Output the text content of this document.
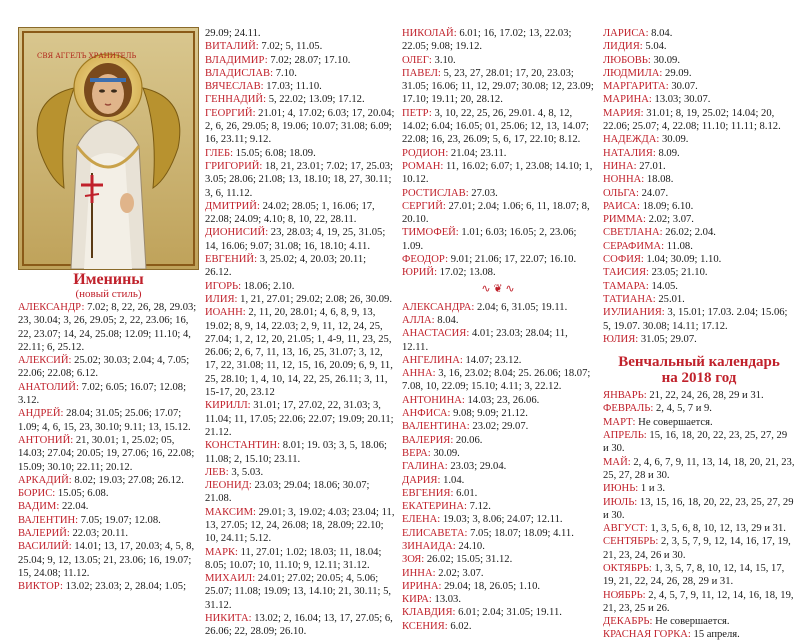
СВЯ АГГЕЛЪ ХРАНИТЕЛЬ
Именины
(новый стиль)

АЛЕКСАНДР: 7.02; 8, 22, 26, 28, 29.03; 23, 30.04; 3, 26, 29.05; 2, 22, 23.06; 16, 22, 23.07; 14, 24, 25.08; 12.09; 11.10; 4, 22.11; 6, 25.12.

АЛЕКСИЙ: 25.02; 30.03; 2.04; 4, 7.05; 22.06; 22.08; 6.12.

АНАТОЛИЙ: 7.02; 6.05; 16.07; 12.08; 3.12.

АНДРЕЙ: 28.04; 31.05; 25.06; 17.07; 1.09; 4, 6, 15, 23, 30.10; 9.11; 13, 15.12.

АНТОНИЙ: 21, 30.01; 1, 25.02; 05, 14.03; 27.04; 20.05; 19, 27.06; 16, 22.08; 15.09; 30.10; 22.11; 20.12.

АРКАДИЙ: 8.02; 19.03; 27.08; 26.12.

БОРИС: 15.05; 6.08.

ВАДИМ: 22.04.

ВАЛЕНТИН: 7.05; 19.07; 12.08.

ВАЛЕРИЙ: 22.03; 20.11.

ВАСИЛИЙ: 14.01; 13, 17, 20.03; 4, 5, 8, 25.04; 9, 12, 13.05; 21, 23.06; 16, 19.07; 15, 24.08; 11.12.

ВИКТОР: 13.02; 23.03; 2, 28.04; 1.05;

29.09; 24.11.

ВИТАЛИЙ: 7.02; 5, 11.05.

ВЛАДИМИР: 7.02; 28.07; 17.10.

ВЛАДИСЛАВ: 7.10.

ВЯЧЕСЛАВ: 17.03; 11.10.

ГЕННАДИЙ: 5, 22.02; 13.09; 17.12.

ГЕОРГИЙ: 21.01; 4, 17.02; 6.03; 17, 20.04; 2, 6, 26, 29.05; 8, 19.06; 10.07; 31.08; 6.09; 16, 23.11; 9.12.

ГЛЕБ: 15.05; 6.08; 18.09.

ГРИГОРИЙ: 18, 21, 23.01; 7.02; 17, 25.03; 3.05; 28.06; 21.08; 13, 18.10; 18, 27, 30.11; 3, 6, 11.12.

ДМИТРИЙ: 24.02; 28.05; 1, 16.06; 17, 22.08; 24.09; 4.10; 8, 10, 22, 28.11.

ДИОНИСИЙ: 23, 28.03; 4, 19, 25, 31.05; 14, 16.06; 9.07; 31.08; 16, 18.10; 4.11.

ЕВГЕНИЙ: 3, 25.02; 4, 20.03; 20.11; 26.12.

ИГОРЬ: 18.06; 2.10.

ИЛИЯ: 1, 21, 27.01; 29.02; 2.08; 26, 30.09.

ИОАНН: 2, 11, 20, 28.01; 4, 6, 8, 9, 13, 19.02; 8, 9, 14, 22.03; 2, 9, 11, 12, 24, 25, 27.04; 1, 2, 12, 20, 21.05; 1, 4-9, 11, 23, 25, 26.06; 2, 6, 7, 11, 13, 16, 25, 31.07; 3, 12, 17, 22, 31.08; 11, 12, 15, 16, 20.09; 6, 9, 11, 25, 28.10; 1, 4, 10, 14, 22, 25, 26.11; 3, 11, 15-17, 20, 23.12

КИРИЛЛ: 31.01; 17, 27.02, 22, 31.03; 3, 11.04; 11, 17.05; 22.06; 22.07; 19.09; 20.11; 21.12.

КОНСТАНТИН: 8.01; 19. 03; 3, 5, 18.06; 11.08; 2, 15.10; 23.11.

ЛЕВ: 3, 5.03.

ЛЕОНИД: 23.03; 29.04; 18.06; 30.07; 21.08.

МАКСИМ: 29.01; 3, 19.02; 4.03; 23.04; 11, 13, 27.05; 12, 24, 26.08; 18, 28.09; 22.10; 10, 24.11; 5.12.

МАРК: 11, 27.01; 1.02; 18.03; 11, 18.04; 8.05; 10.07; 10, 11.10; 9, 12.11; 31.12.

МИХАИЛ: 24.01; 27.02; 20.05; 4, 5.06; 25.07; 11.08; 19.09; 13, 14.10; 21, 30.11; 5, 31.12.

НИКИТА: 13.02; 2, 16.04; 13, 17, 27.05; 6, 26.06; 22, 28.09; 26.10.

НИКОЛАЙ: 6.01; 16, 17.02; 13, 22.03; 22.05; 9.08; 19.12.

ОЛЕГ: 3.10.

ПАВЕЛ: 5, 23, 27, 28.01; 17, 20, 23.03; 31.05; 16.06; 11, 12, 29.07; 30.08; 12, 23.09; 17.10; 19.11; 20, 28.12.

ПЕТР: 3, 10, 22, 25, 26, 29.01. 4, 8, 12, 14.02; 6.04; 16.05; 01, 25.06; 12, 13, 14.07; 22.08; 16, 23, 26.09; 5, 6, 17, 22.10; 8.12.

РОДИОН: 21.04; 23.11.

РОМАН: 11, 16.02; 6.07; 1, 23.08; 14.10; 1, 10.12.

РОСТИСЛАВ: 27.03.

СЕРГИЙ: 27.01; 2.04; 1.06; 6, 11, 18.07; 8, 20.10.

ТИМОФЕЙ: 1.01; 6.03; 16.05; 2, 23.06; 1.09.

ФЕОДОР: 9.01; 21.06; 17, 22.07; 16.10.

ЮРИЙ: 17.02; 13.08.

∿ ❦ ∿

АЛЕКСАНДРА: 2.04; 6, 31.05; 19.11.

АЛЛА: 8.04.

АНАСТАСИЯ: 4.01; 23.03; 28.04; 11, 12.11.

АНГЕЛИНА: 14.07; 23.12.

АННА: 3, 16, 23.02; 8.04; 25. 26.06; 18.07; 7.08, 10, 22.09; 15.10; 4.11; 3, 22.12.

АНТОНИНА: 14.03; 23, 26.06.

АНФИСА: 9.08; 9.09; 21.12.

ВАЛЕНТИНА: 23.02; 29.07.

ВАЛЕРИЯ: 20.06.

ВЕРА: 30.09.

ГАЛИНА: 23.03; 29.04.

ДАРИЯ: 1.04.

ЕВГЕНИЯ: 6.01.

ЕКАТЕРИНА: 7.12.

ЕЛЕНА: 19.03; 3, 8.06; 24.07; 12.11.

ЕЛИСАВЕТА: 7.05; 18.07; 18.09; 4.11.

ЗИНАИДА: 24.10.

ЗОЯ: 26.02; 15.05; 31.12.

ИННА: 2.02; 3.07.

ИРИНА: 29.04; 18, 26.05; 1.10.

КИРА: 13.03.

КЛАВДИЯ: 6.01; 2.04; 31.05; 19.11.

КСЕНИЯ: 6.02.

ЛАРИСА: 8.04.

ЛИДИЯ: 5.04.

ЛЮБОВЬ: 30.09.

ЛЮДМИЛА: 29.09.

МАРГАРИТА: 30.07.

МАРИНА: 13.03; 30.07.

МАРИЯ: 31.01; 8, 19, 25.02; 14.04; 20, 22.06; 25.07; 4, 22.08; 11.10; 11.11; 8.12.

НАДЕЖДА: 30.09.

НАТАЛИЯ: 8.09.

НИНА: 27.01.

НОННА: 18.08.

ОЛЬГА: 24.07.

РАИСА: 18.09; 6.10.

РИММА: 2.02; 3.07.

СВЕТЛАНА: 26.02; 2.04.

СЕРАФИМА: 11.08.

СОФИЯ: 1.04; 30.09; 1.10.

ТАИСИЯ: 23.05; 21.10.

ТАМАРА: 14.05.

ТАТИАНА: 25.01.

ИУЛИАНИЯ: 3, 15.01; 17.03. 2.04; 15.06; 5, 19.07. 30.08; 14.11; 17.12.

ЮЛИЯ: 31.05; 29.07.

Венчальный календарь
на 2018 год

ЯНВАРЬ: 21, 22, 24, 26, 28, 29 и 31.

ФЕВРАЛЬ: 2, 4, 5, 7 и 9.

МАРТ: Не совершается.

АПРЕЛЬ: 15, 16, 18, 20, 22, 23, 25, 27, 29 и 30.

МАЙ: 2, 4, 6, 7, 9, 11, 13, 14, 18, 20, 21, 23, 25, 27, 28 и 30.

ИЮНЬ: 1 и 3.

ИЮЛЬ: 13, 15, 16, 18, 20, 22, 23, 25, 27, 29 и 30.

АВГУСТ: 1, 3, 5, 6, 8, 10, 12, 13, 29 и 31.

СЕНТЯБРЬ: 2, 3, 5, 7, 9, 12, 14, 16, 17, 19, 21, 23, 24, 26 и 30.

ОКТЯБРЬ: 1, 3, 5, 7, 8, 10, 12, 14, 15, 17, 19, 21, 22, 24, 26, 28, 29 и 31.

НОЯБРЬ: 2, 4, 5, 7, 9, 11, 12, 14, 16, 18, 19, 21, 23, 25 и 26.

ДЕКАБРЬ: Не совершается.

КРАСНАЯ ГОРКА: 15 апреля.
